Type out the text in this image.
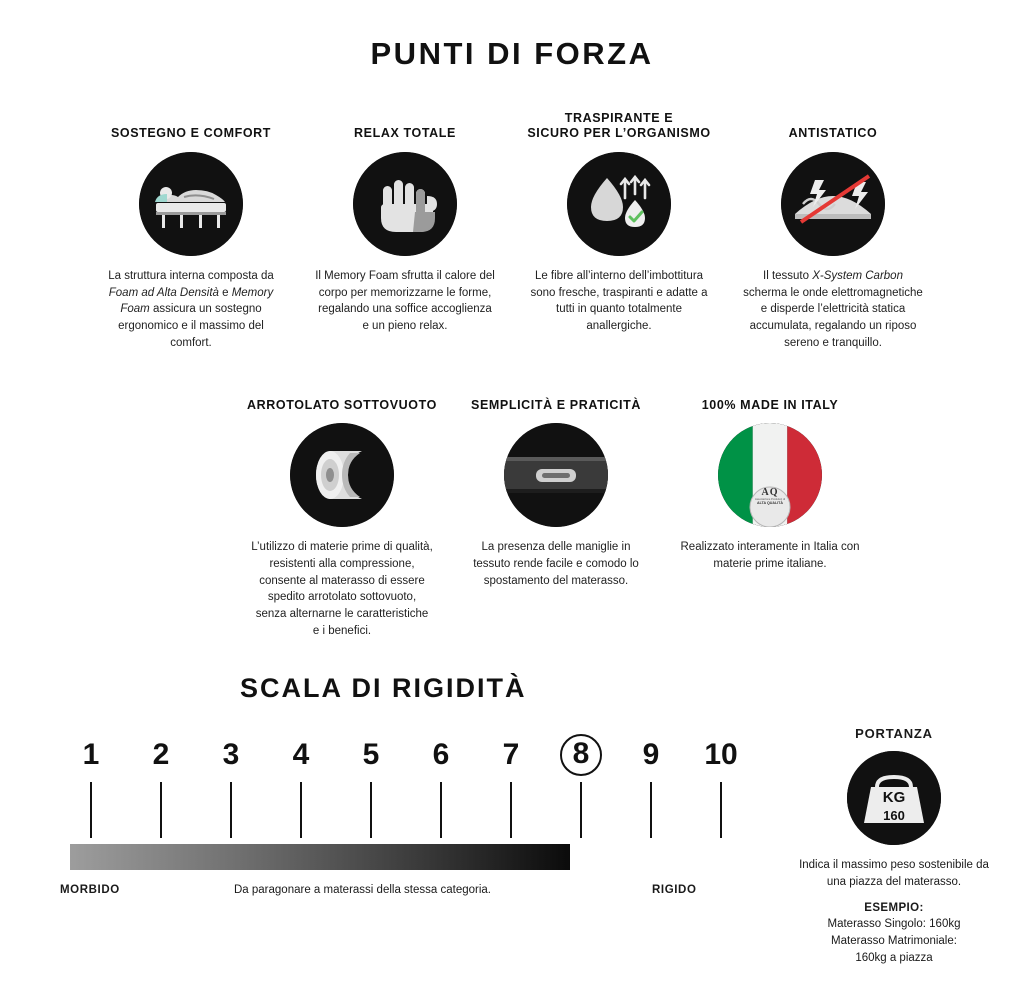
PUNTI DI FORZA
SOSTEGNO E COMFORT
La struttura interna composta da Foam ad Alta Densità e Memory Foam assicura un sostegno ergonomico e il massimo del comfort.
RELAX TOTALE
Il Memory Foam sfrutta il calore del corpo per memorizzarne le forme, regalando una soffice accoglienza e un pieno relax.
TRASPIRANTE E
SICURO PER L’ORGANISMO
Le fibre all’interno dell’imbottitura sono fresche, traspiranti e adatte a tutti in quanto totalmente anallergiche.
ANTISTATICO
Il tessuto X-System Carbon scherma le onde elettromagnetiche e disperde l’elettricità statica accumulata, regalando un riposo sereno e tranquillo.
ARROTOLATO SOTTOVUOTO
L’utilizzo di materie prime di qualità, resistenti alla compressione, consente al materasso di essere spedito arrotolato sottovuoto, senza alternarne le caratteristiche e i benefici.
SEMPLICITÀ E PRATICITÀ
La presenza delle maniglie in tessuto rende facile e comodo lo spostamento del materasso.
100% MADE IN ITALY
AQ
Associazione Produttori di
ALTA QUALITÀ
Realizzato interamente in Italia con materie prime italiane.
SCALA DI RIGIDITÀ
1	2	3	4	5	6	7	8	9	10
MORBIDO	Da paragonare a materassi della stessa categoria.	RIGIDO
PORTANZA
KG
160
Indica il massimo peso sostenibile da una piazza del materasso.
ESEMPIO:
Materasso Singolo: 160kg
Materasso Matrimoniale:
160kg a piazza
